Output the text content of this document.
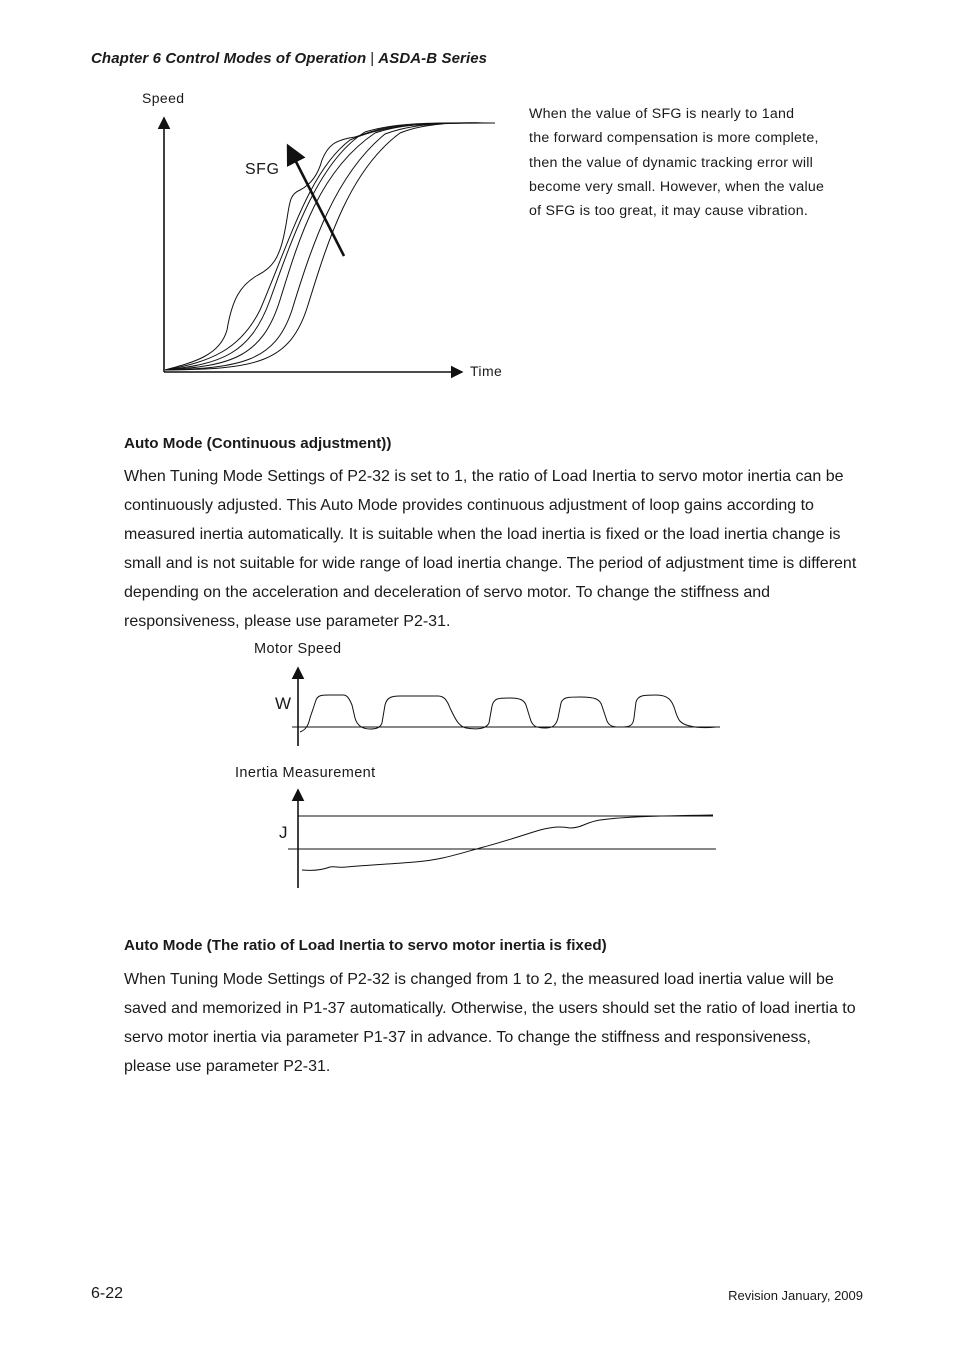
Chapter 6 Control Modes of Operation | ASDA-B Series
Speed
Time
SFG
When the value of SFG is nearly to 1and
the forward compensation is more complete,
then the value of dynamic tracking error will
become very small. However, when the value
of SFG is too great, it may cause vibration.
Auto Mode (Continuous adjustment))
When Tuning Mode Settings of P2-32 is set to 1, the ratio of Load Inertia to servo motor inertia can be
continuously adjusted. This Auto Mode provides continuous adjustment of loop gains according to
measured inertia automatically. It is suitable when the load inertia is fixed or the load inertia change is
small and is not suitable for wide range of load inertia change. The period of adjustment time is different
depending on the acceleration and deceleration of servo motor. To change the stiffness and
responsiveness, please use parameter P2-31.
Motor Speed
W
Inertia Measurement
J
Auto Mode (The ratio of Load Inertia to servo motor inertia is fixed)
When Tuning Mode Settings of P2-32 is changed from 1 to 2, the measured load inertia value will be
saved and memorized in P1-37 automatically. Otherwise, the users should set the ratio of load inertia to
servo motor inertia via parameter P1-37 in advance. To change the stiffness and responsiveness,
please use parameter P2-31.
6-22	Revision January, 2009
